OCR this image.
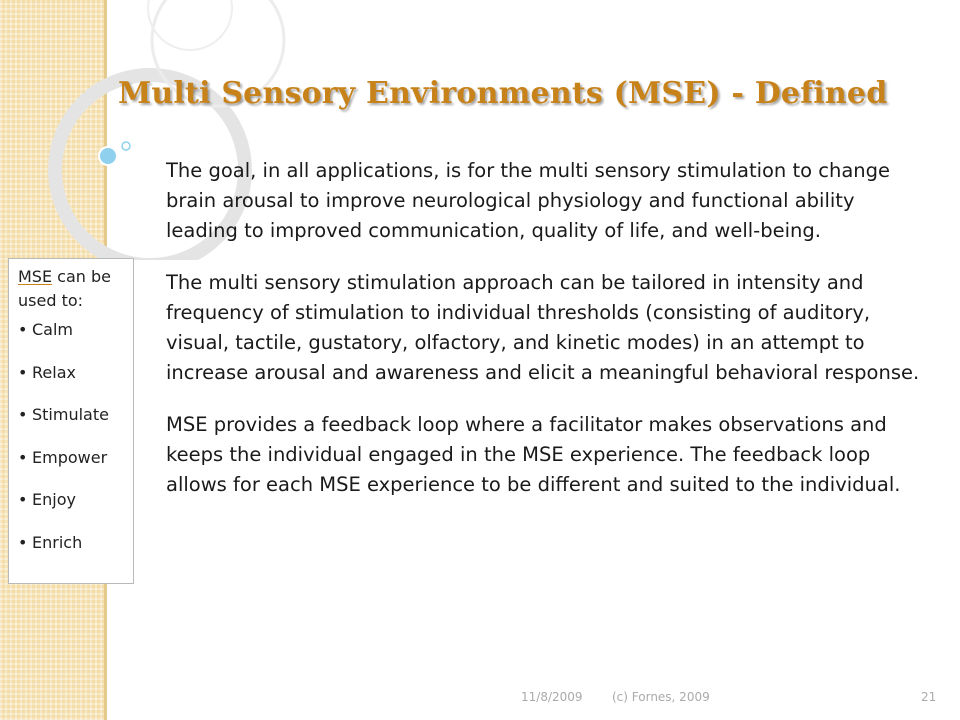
Multi Sensory Environments (MSE) - Defined

The goal, in all applications, is for the multi sensory stimulation to change brain arousal to improve neurological physiology and functional ability leading to improved communication, quality of life, and well-being.

The multi sensory stimulation approach can be tailored in intensity and frequency of stimulation to individual thresholds (consisting of auditory, visual, tactile, gustatory, olfactory, and kinetic modes) in an attempt to increase arousal and awareness and elicit a meaningful behavioral response.

MSE provides a feedback loop where a facilitator makes observations and keeps the individual engaged in the MSE experience. The feedback loop allows for each MSE experience to be different and suited to the individual.

MSE can be used to:

• Calm
• Relax
• Stimulate
• Empower
• Enjoy
• Enrich
11/8/2009 (c) Fornes, 2009	21
